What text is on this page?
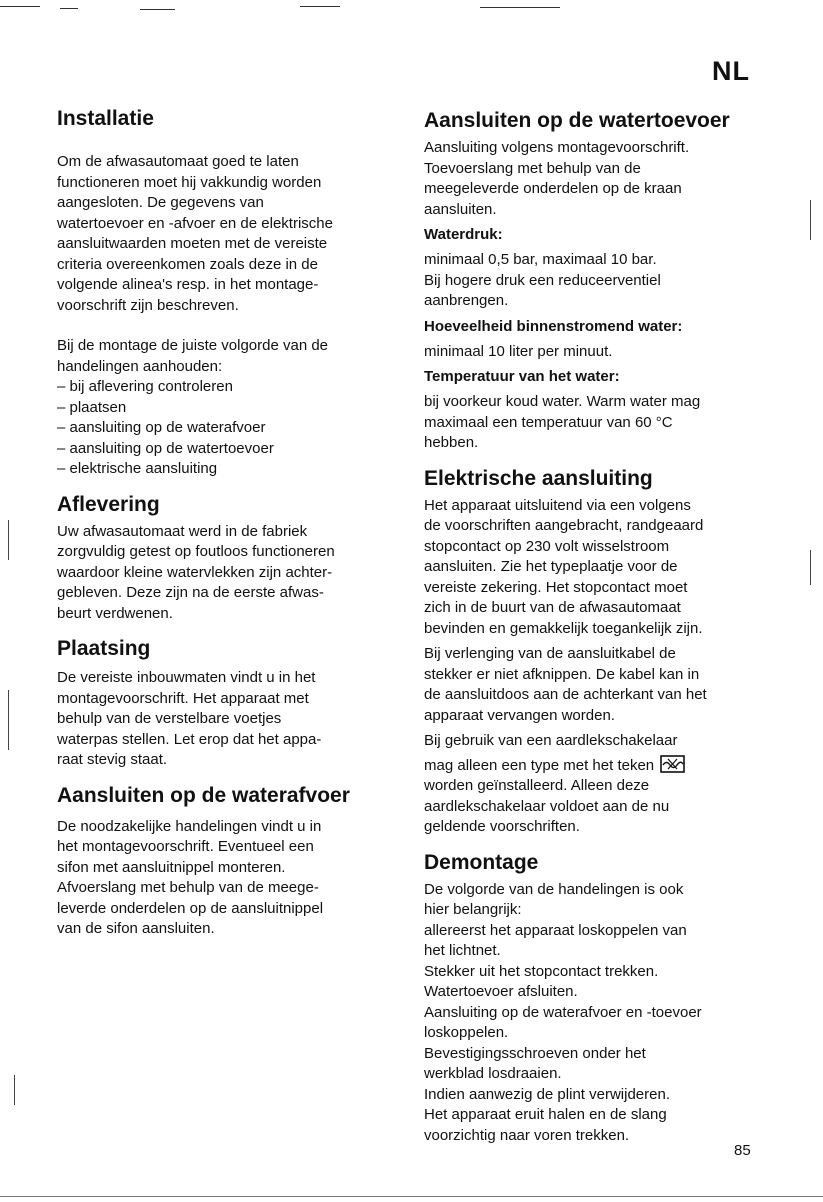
NL
Installatie

Om de afwasautomaat goed te laten
functioneren moet hij vakkundig worden
aangesloten. De gegevens van
watertoevoer en -afvoer en de elektrische
aansluitwaarden moeten met de vereiste
criteria overeenkomen zoals deze in de
volgende alinea's resp. in het montage-
voorschrift zijn beschreven.

Bij de montage de juiste volgorde van de
handelingen aanhouden:
– bij aflevering controleren
– plaatsen
– aansluiting op de waterafvoer
– aansluiting op de watertoevoer
– elektrische aansluiting

Aflevering

Uw afwasautomaat werd in de fabriek
zorgvuldig getest op foutloos functioneren
waardoor kleine watervlekken zijn achter-
gebleven. Deze zijn na de eerste afwas-
beurt verdwenen.

Plaatsing

De vereiste inbouwmaten vindt u in het
montagevoorschrift. Het apparaat met
behulp van de verstelbare voetjes
waterpas stellen. Let erop dat het appa-
raat stevig staat.

Aansluiten op de waterafvoer

De noodzakelijke handelingen vindt u in
het montagevoorschrift. Eventueel een
sifon met aansluitnippel monteren.
Afvoerslang met behulp van de meege-
leverde onderdelen op de aansluitnippel
van de sifon aansluiten.

Aansluiten op de watertoevoer

Aansluiting volgens montagevoorschrift.
Toevoerslang met behulp van de
meegeleverde onderdelen op de kraan
aansluiten.

Waterdruk:

minimaal 0,5 bar, maximaal 10 bar.
Bij hogere druk een reduceerventiel
aanbrengen.

Hoeveelheid binnenstromend water:

minimaal 10 liter per minuut.

Temperatuur van het water:

bij voorkeur koud water. Warm water mag
maximaal een temperatuur van 60 °C
hebben.

Elektrische aansluiting

Het apparaat uitsluitend via een volgens
de voorschriften aangebracht, randgeaard
stopcontact op 230 volt wisselstroom
aansluiten. Zie het typeplaatje voor de
vereiste zekering. Het stopcontact moet
zich in de buurt van de afwasautomaat
bevinden en gemakkelijk toegankelijk zijn.

Bij verlenging van de aansluitkabel de
stekker er niet afknippen. De kabel kan in
de aansluitdoos aan de achterkant van het
apparaat vervangen worden.

Bij gebruik van een aardlekschakelaar
mag alleen een type met het teken
worden geïnstalleerd. Alleen deze
aardlekschakelaar voldoet aan de nu
geldende voorschriften.

Demontage

De volgorde van de handelingen is ook
hier belangrijk:
allereerst het apparaat loskoppelen van
het lichtnet.
Stekker uit het stopcontact trekken.
Watertoevoer afsluiten.
Aansluiting op de waterafvoer en -toevoer
loskoppelen.
Bevestigingsschroeven onder het
werkblad losdraaien.
Indien aanwezig de plint verwijderen.
Het apparaat eruit halen en de slang
voorzichtig naar voren trekken.

85
